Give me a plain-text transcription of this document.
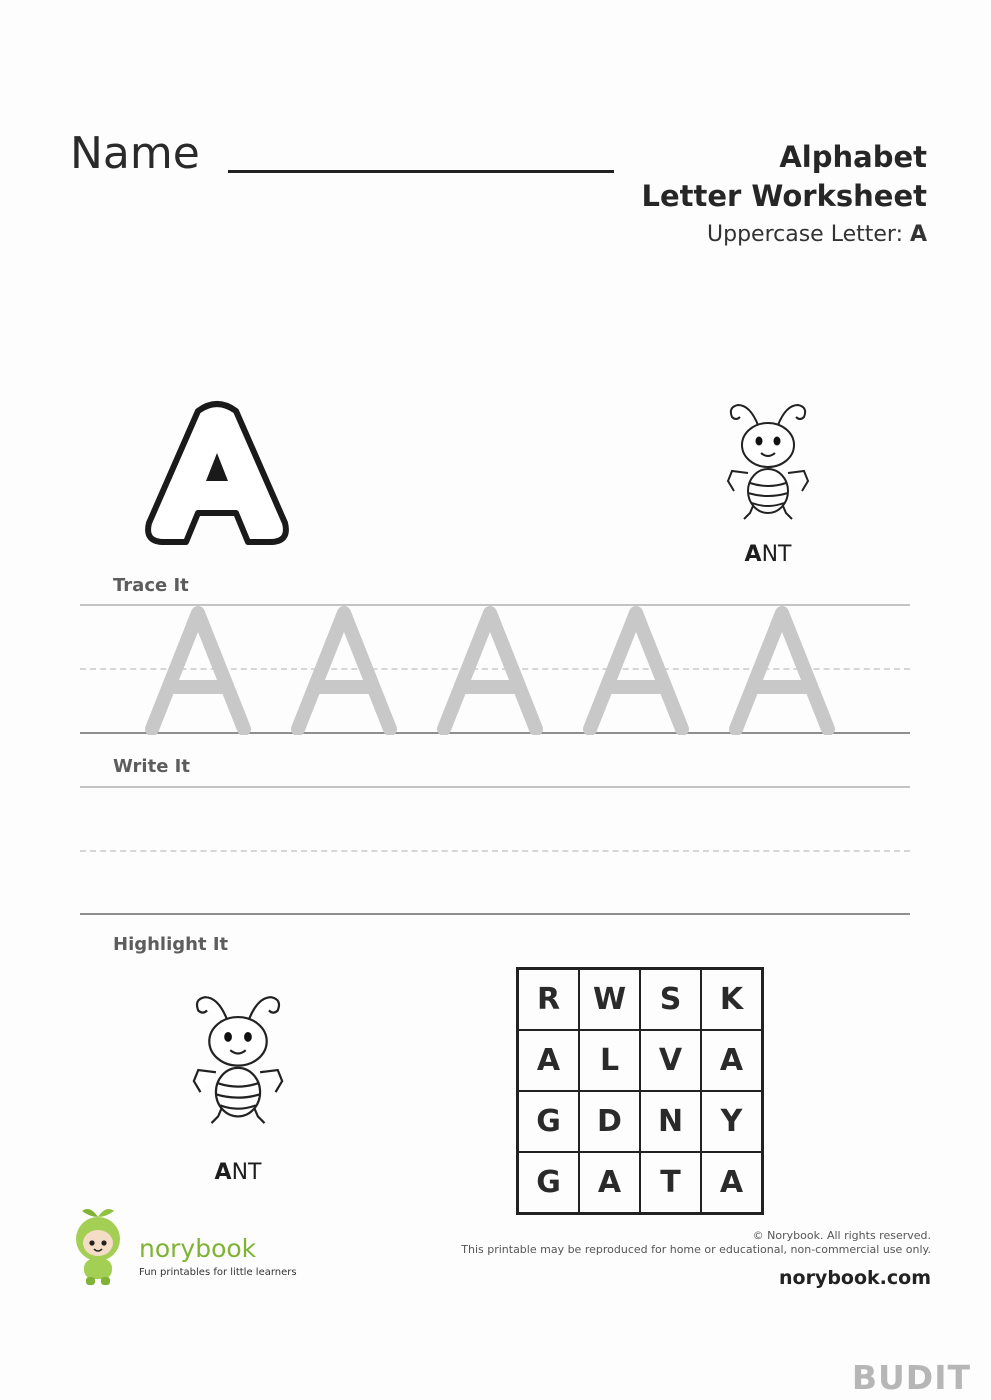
Name	Alphabet
Letter Worksheet
Uppercase Letter: A
ANT
Trace It
Write It
Highlight It
ANT
R	W	S	K
A	L	V	A
G	D	N	Y
G	A	T	A
norybook
Fun printables for little learners
© Norybook. All rights reserved.
This printable may be reproduced for home or educational, non-commercial use only.
norybook.com
BUDIT
